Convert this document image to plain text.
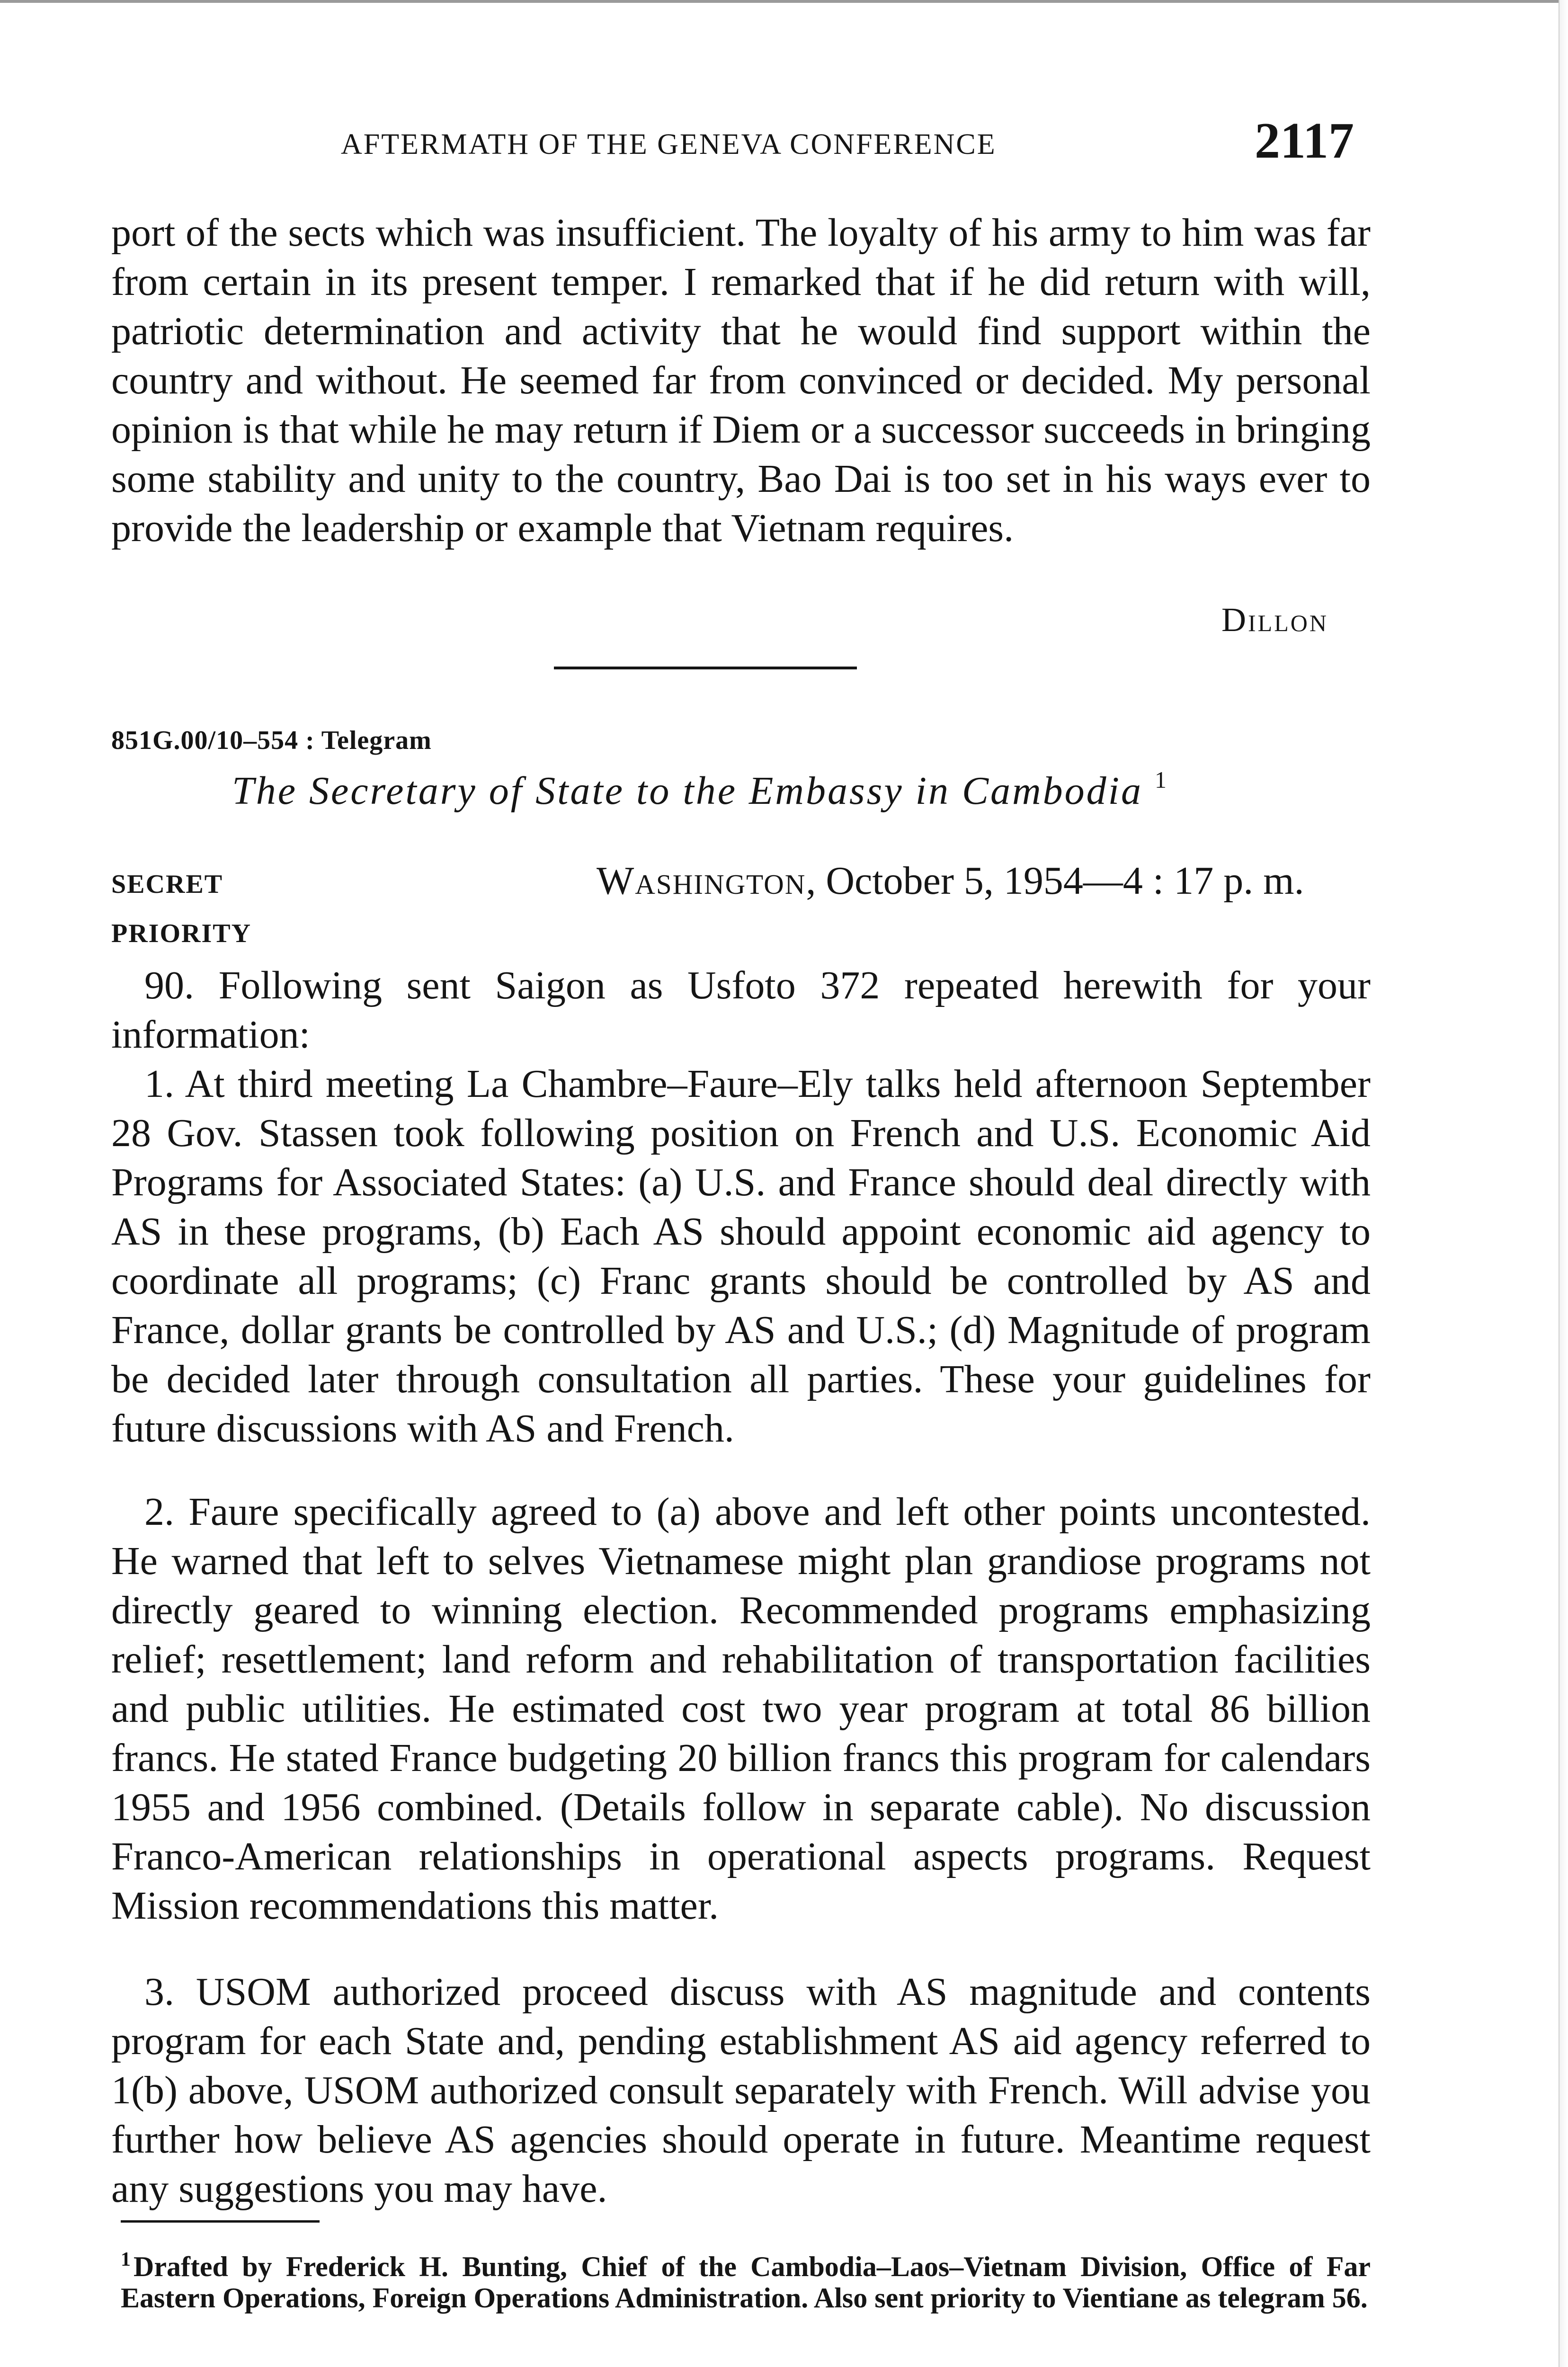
AFTERMATH OF THE GENEVA CONFERENCE	2117

port of the sects which was insufficient. The loyalty of his army to him was far from certain in its present temper. I remarked that if he did return with will, patriotic determination and activity that he would find support within the country and without. He seemed far from convinced or decided. My personal opinion is that while he may return if Diem or a successor succeeds in bringing some stability and unity to the country, Bao Dai is too set in his ways ever to provide the leadership or example that Vietnam requires.

Dillon
851G.00/10–554 : Telegram
The Secretary of State to the Embassy in Cambodia $^1$
SECRET
PRIORITY
Washington, October 5, 1954—4 : 17 p. m.

90. Following sent Saigon as Usfoto 372 repeated herewith for your information:

1. At third meeting La Chambre–Faure–Ely talks held afternoon September 28 Gov. Stassen took following position on French and U.S. Economic Aid Programs for Associated States: (a) U.S. and France should deal directly with AS in these programs, (b) Each AS should appoint economic aid agency to coordinate all programs; (c) Franc grants should be controlled by AS and France, dollar grants be controlled by AS and U.S.; (d) Magnitude of program be decided later through consultation all parties. These your guidelines for future discussions with AS and French.

2. Faure specifically agreed to (a) above and left other points uncontested. He warned that left to selves Vietnamese might plan grandiose programs not directly geared to winning election. Recommended programs emphasizing relief; resettlement; land reform and rehabilitation of transportation facilities and public utilities. He estimated cost two year program at total 86 billion francs. He stated France budgeting 20 billion francs this program for calendars 1955 and 1956 combined. (Details follow in separate cable). No discussion Franco-American relationships in operational aspects programs. Request Mission recommendations this matter.

3. USOM authorized proceed discuss with AS magnitude and contents program for each State and, pending establishment AS aid agency referred to 1(b) above, USOM authorized consult separately with French. Will advise you further how believe AS agencies should operate in future. Meantime request any suggestions you may have.

$^1$ Drafted by Frederick H. Bunting, Chief of the Cambodia–Laos–Vietnam Division, Office of Far Eastern Operations, Foreign Operations Administration. Also sent priority to Vientiane as telegram 56.
